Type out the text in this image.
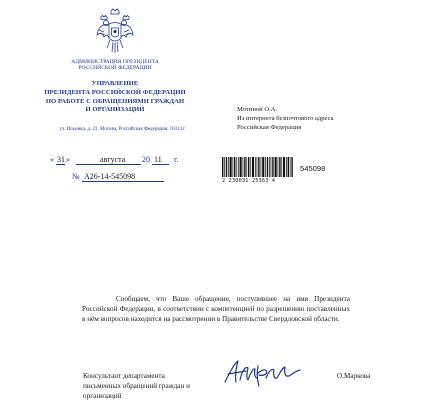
АДМИНИСТРАЦИЯ ПРЕЗИДЕНТА
РОССИЙСКОЙ ФЕДЕРАЦИИ
УПРАВЛЕНИЕ
ПРЕЗИДЕНТА РОССИЙСКОЙ ФЕДЕРАЦИИ
ПО РАБОТЕ С ОБРАЩЕНИЯМИ ГРАЖДАН
И ОРГАНИЗАЦИЙ
ул. Ильинка, д. 23, Москва, Российская Федерация, 103132
Мотиной О.А.
Из интернета безпочтового адреса
Российская Федерация
« 31 »	августа 20 11 г.
№ А26-14-545098	2 230031 25363 4
545098

Сообщаем, что Ваше обращение, поступившее на имя Президента Российской Федерации, в соответствии с компетенцией по разрешению поставленных в нём вопросов находится на рассмотрении в Правительстве Свердловской области.

Консультант департамента
письменных обращений граждан и
организаций
О.Маркова
